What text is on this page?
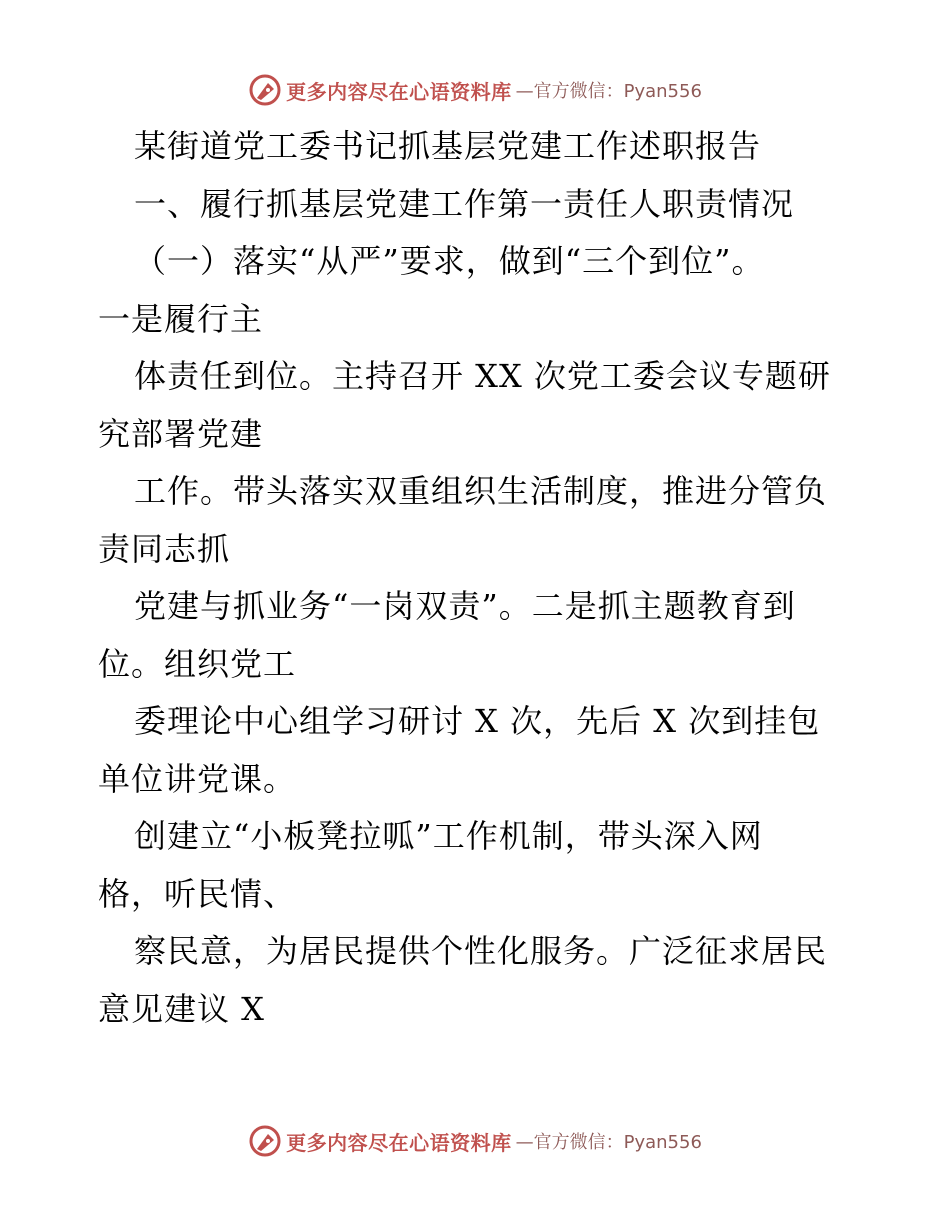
更多内容尽在心语资料库 —官方微信：Pyan556
某街道党工委书记抓基层党建工作述职报告
一、履行抓基层党建工作第一责任人职责情况
（一）落实“从严”要求，做到“三个到位”。
一是履行主
体责任到位。主持召开 XX 次党工委会议专题研
究部署党建
工作。带头落实双重组织生活制度，推进分管负
责同志抓
党建与抓业务“一岗双责”。二是抓主题教育到
位。组织党工
委理论中心组学习研讨 X 次，先后 X 次到挂包
单位讲党课。
创建立“小板凳拉呱”工作机制，带头深入网
格，听民情、
察民意，为居民提供个性化服务。广泛征求居民
意见建议 X
更多内容尽在心语资料库 —官方微信：Pyan556
